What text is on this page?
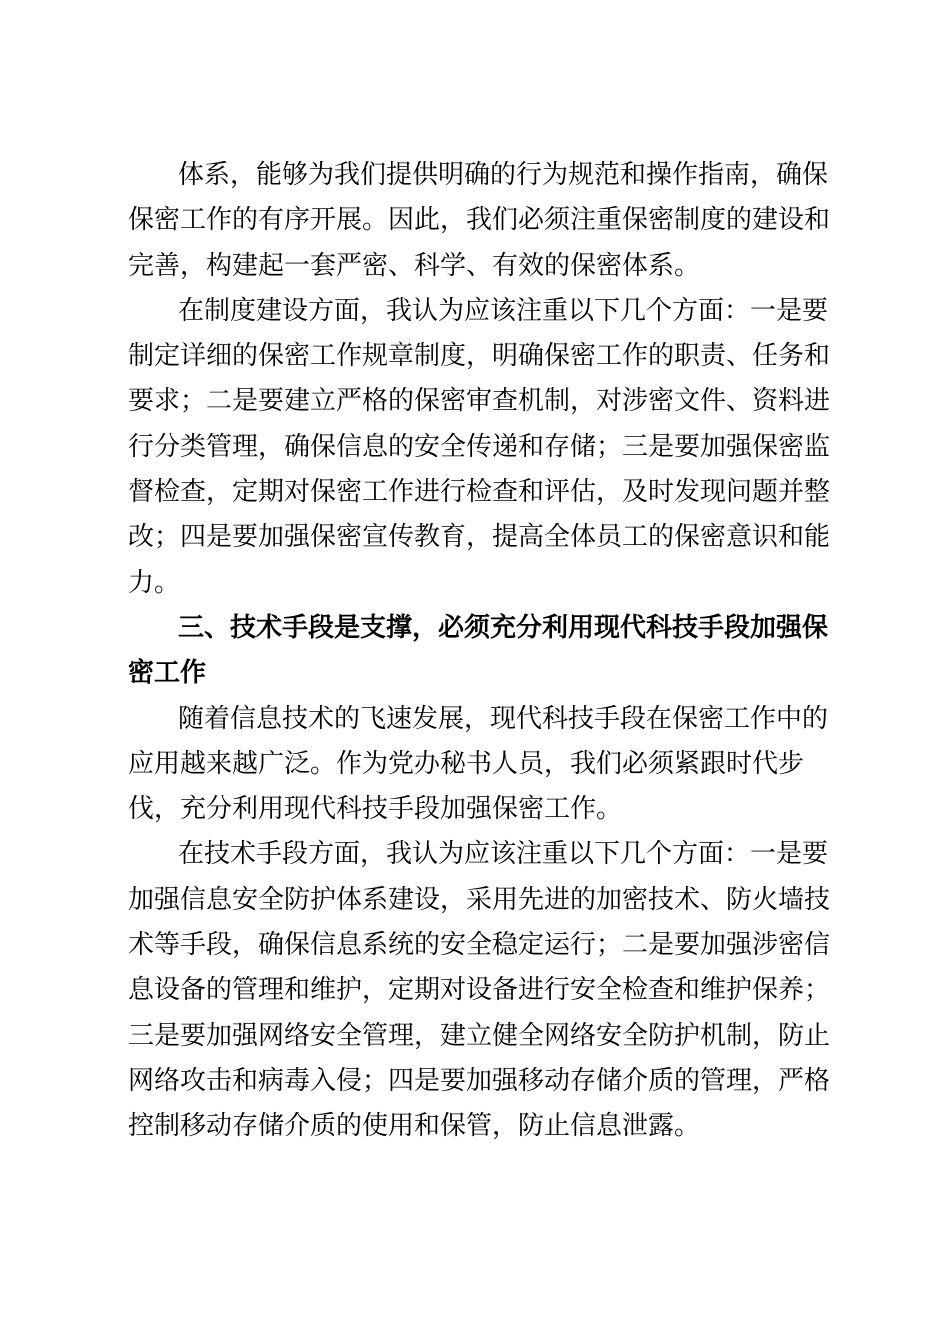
体系，能够为我们提供明确的行为规范和操作指南，确保
保密工作的有序开展。因此，我们必须注重保密制度的建设和
完善，构建起一套严密、科学、有效的保密体系。
在制度建设方面，我认为应该注重以下几个方面：一是要
制定详细的保密工作规章制度，明确保密工作的职责、任务和
要求；二是要建立严格的保密审查机制，对涉密文件、资料进
行分类管理，确保信息的安全传递和存储；三是要加强保密监
督检查，定期对保密工作进行检查和评估，及时发现问题并整
改；四是要加强保密宣传教育，提高全体员工的保密意识和能
力。
三、技术手段是支撑，必须充分利用现代科技手段加强保
密工作
随着信息技术的飞速发展，现代科技手段在保密工作中的
应用越来越广泛。作为党办秘书人员，我们必须紧跟时代步
伐，充分利用现代科技手段加强保密工作。
在技术手段方面，我认为应该注重以下几个方面：一是要
加强信息安全防护体系建设，采用先进的加密技术、防火墙技
术等手段，确保信息系统的安全稳定运行；二是要加强涉密信
息设备的管理和维护，定期对设备进行安全检查和维护保养；
三是要加强网络安全管理，建立健全网络安全防护机制，防止
网络攻击和病毒入侵；四是要加强移动存储介质的管理，严格
控制移动存储介质的使用和保管，防止信息泄露。
